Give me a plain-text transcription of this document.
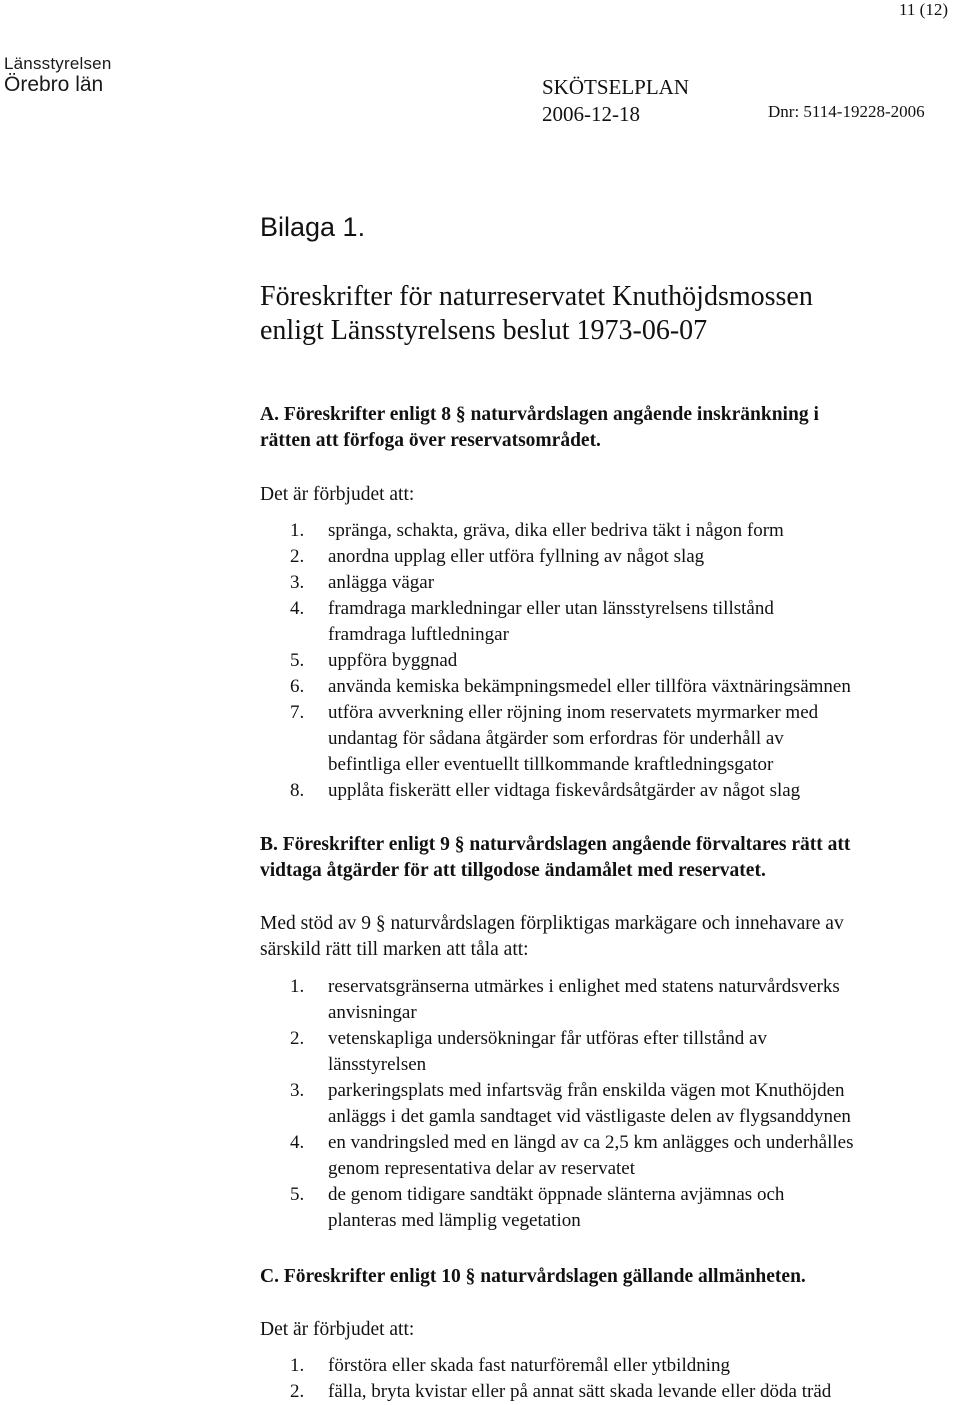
11 (12)
Länsstyrelsen
Örebro län	SKÖTSELPLAN
2006-12-18	Dnr: 5114-19228-2006
Bilaga 1.
Föreskrifter för naturreservatet Knuthöjdsmossen
enligt Länsstyrelsens beslut 1973-06-07
A. Föreskrifter enligt 8 § naturvårdslagen angående inskränkning i
rätten att förfoga över reservatsområdet.
Det är förbjudet att:
1. spränga, schakta, gräva, dika eller bedriva täkt i någon form
2. anordna upplag eller utföra fyllning av något slag
3. anlägga vägar
4. framdraga markledningar eller utan länsstyrelsens tillstånd
framdraga luftledningar
5. uppföra byggnad
6. använda kemiska bekämpningsmedel eller tillföra växtnäringsämnen
7. utföra avverkning eller röjning inom reservatets myrmarker med
undantag för sådana åtgärder som erfordras för underhåll av
befintliga eller eventuellt tillkommande kraftledningsgator
8. upplåta fiskerätt eller vidtaga fiskevårdsåtgärder av något slag
B. Föreskrifter enligt 9 § naturvårdslagen angående förvaltares rätt att
vidtaga åtgärder för att tillgodose ändamålet med reservatet.
Med stöd av 9 § naturvårdslagen förpliktigas markägare och innehavare av
särskild rätt till marken att tåla att:
1. reservatsgränserna utmärkes i enlighet med statens naturvårdsverks
anvisningar
2. vetenskapliga undersökningar får utföras efter tillstånd av
länsstyrelsen
3. parkeringsplats med infartsväg från enskilda vägen mot Knuthöjden
anläggs i det gamla sandtaget vid västligaste delen av flygsanddynen
4. en vandringsled med en längd av ca 2,5 km anlägges och underhålles
genom representativa delar av reservatet
5. de genom tidigare sandtäkt öppnade slänterna avjämnas och
planteras med lämplig vegetation
C. Föreskrifter enligt 10 § naturvårdslagen gällande allmänheten.
Det är förbjudet att:
1. förstöra eller skada fast naturföremål eller ytbildning
2. fälla, bryta kvistar eller på annat sätt skada levande eller döda träd
